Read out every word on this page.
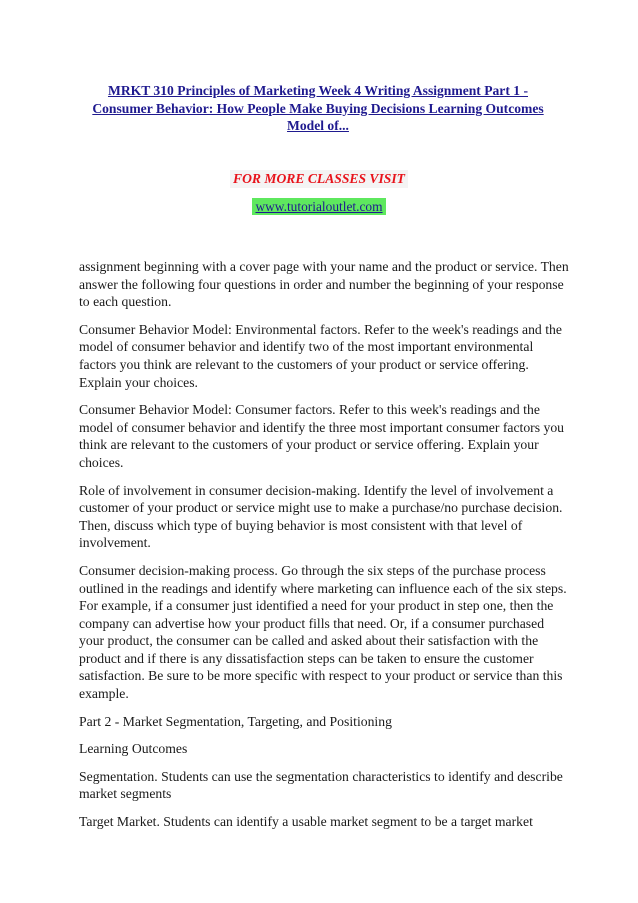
MRKT 310 Principles of Marketing Week 4 Writing Assignment Part 1 - Consumer Behavior: How People Make Buying Decisions Learning Outcomes Model of...
FOR MORE CLASSES VISIT
www.tutorialoutlet.com

assignment beginning with a cover page with your name and the product or service. Then answer the following four questions in order and number the beginning of your response to each question.

Consumer Behavior Model: Environmental factors. Refer to the week's readings and the model of consumer behavior and identify two of the most important environmental factors you think are relevant to the customers of your product or service offering. Explain your choices.

Consumer Behavior Model: Consumer factors. Refer to this week's readings and the model of consumer behavior and identify the three most important consumer factors you think are relevant to the customers of your product or service offering. Explain your choices.

Role of involvement in consumer decision-making. Identify the level of involvement a customer of your product or service might use to make a purchase/no purchase decision. Then, discuss which type of buying behavior is most consistent with that level of involvement.

Consumer decision-making process. Go through the six steps of the purchase process outlined in the readings and identify where marketing can influence each of the six steps. For example, if a consumer just identified a need for your product in step one, then the company can advertise how your product fills that need. Or, if a consumer purchased your product, the consumer can be called and asked about their satisfaction with the product and if there is any dissatisfaction steps can be taken to ensure the customer satisfaction. Be sure to be more specific with respect to your product or service than this example.

Part 2 - Market Segmentation, Targeting, and Positioning

Learning Outcomes

Segmentation. Students can use the segmentation characteristics to identify and describe market segments

Target Market. Students can identify a usable market segment to be a target market
